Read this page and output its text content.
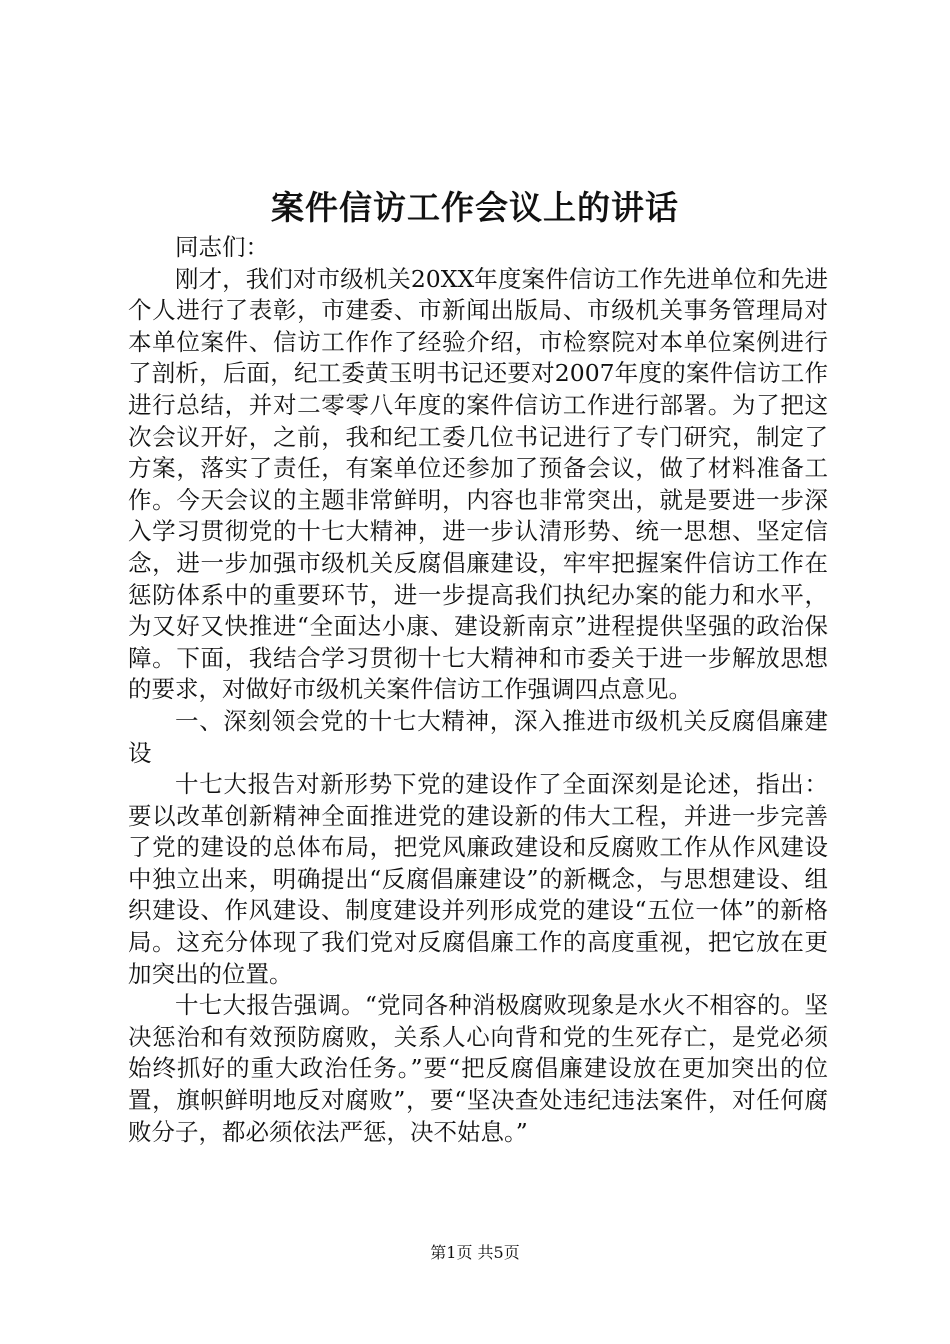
案件信访工作会议上的讲话

同志们：

刚才，我们对市级机关20XX年度案件信访工作先进单位和先进个人进行了表彰，市建委、市新闻出版局、市级机关事务管理局对本单位案件、信访工作作了经验介绍，市检察院对本单位案例进行了剖析，后面，纪工委黄玉明书记还要对2007年度的案件信访工作进行总结，并对二零零八年度的案件信访工作进行部署。为了把这次会议开好，之前，我和纪工委几位书记进行了专门研究，制定了方案，落实了责任，有案单位还参加了预备会议，做了材料准备工作。今天会议的主题非常鲜明，内容也非常突出，就是要进一步深入学习贯彻党的十七大精神，进一步认清形势、统一思想、坚定信念，进一步加强市级机关反腐倡廉建设，牢牢把握案件信访工作在惩防体系中的重要环节，进一步提高我们执纪办案的能力和水平，为又好又快推进“全面达小康、建设新南京”进程提供坚强的政治保障。下面，我结合学习贯彻十七大精神和市委关于进一步解放思想的要求，对做好市级机关案件信访工作强调四点意见。

一、深刻领会党的十七大精神，深入推进市级机关反腐倡廉建设

十七大报告对新形势下党的建设作了全面深刻是论述，指出：要以改革创新精神全面推进党的建设新的伟大工程，并进一步完善了党的建设的总体布局，把党风廉政建设和反腐败工作从作风建设中独立出来，明确提出“反腐倡廉建设”的新概念，与思想建设、组织建设、作风建设、制度建设并列形成党的建设“五位一体”的新格局。这充分体现了我们党对反腐倡廉工作的高度重视，把它放在更加突出的位置。

十七大报告强调。“党同各种消极腐败现象是水火不相容的。坚决惩治和有效预防腐败，关系人心向背和党的生死存亡，是党必须始终抓好的重大政治任务。”要“把反腐倡廉建设放在更加突出的位置，旗帜鲜明地反对腐败”，要“坚决查处违纪违法案件，对任何腐败分子，都必须依法严惩，决不姑息。”

第1页 共5页
